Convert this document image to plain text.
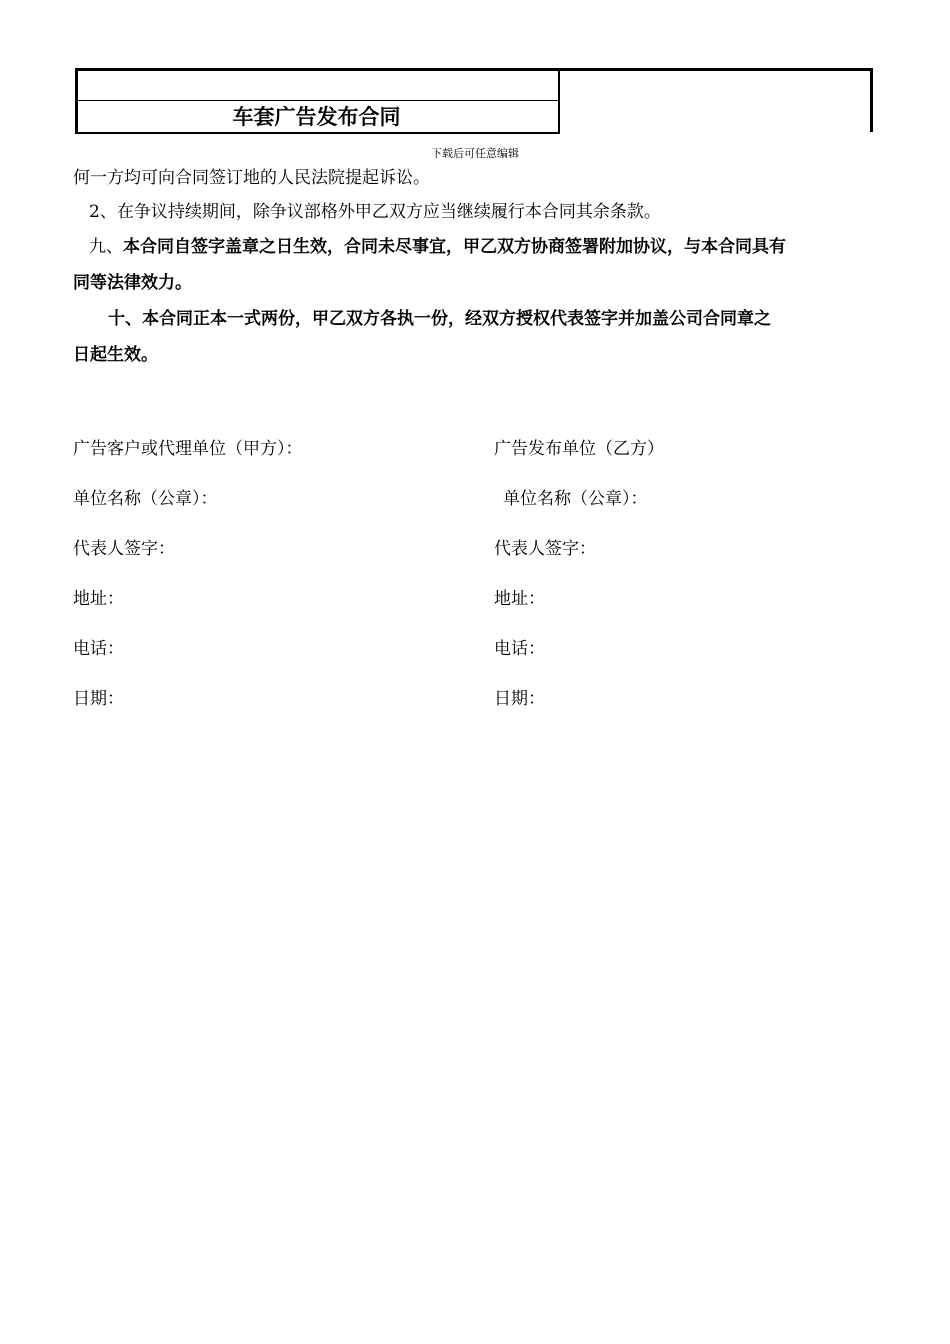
车套广告发布合同
下载后可任意编辑
何一方均可向合同签订地的人民法院提起诉讼。
2、在争议持续期间，除争议部格外甲乙双方应当继续履行本合同其余条款。
九、本合同自签字盖章之日生效，合同未尽事宜，甲乙双方协商签署附加协议，与本合同具有
同等法律效力。
十、本合同正本一式两份，甲乙双方各执一份，经双方授权代表签字并加盖公司合同章之
日起生效。
广告客户或代理单位（甲方）：	广告发布单位（乙方）
单位名称（公章）：	单位名称（公章）：
代表人签字：	代表人签字：
地址：	地址：
电话：	电话：
日期：	日期：
